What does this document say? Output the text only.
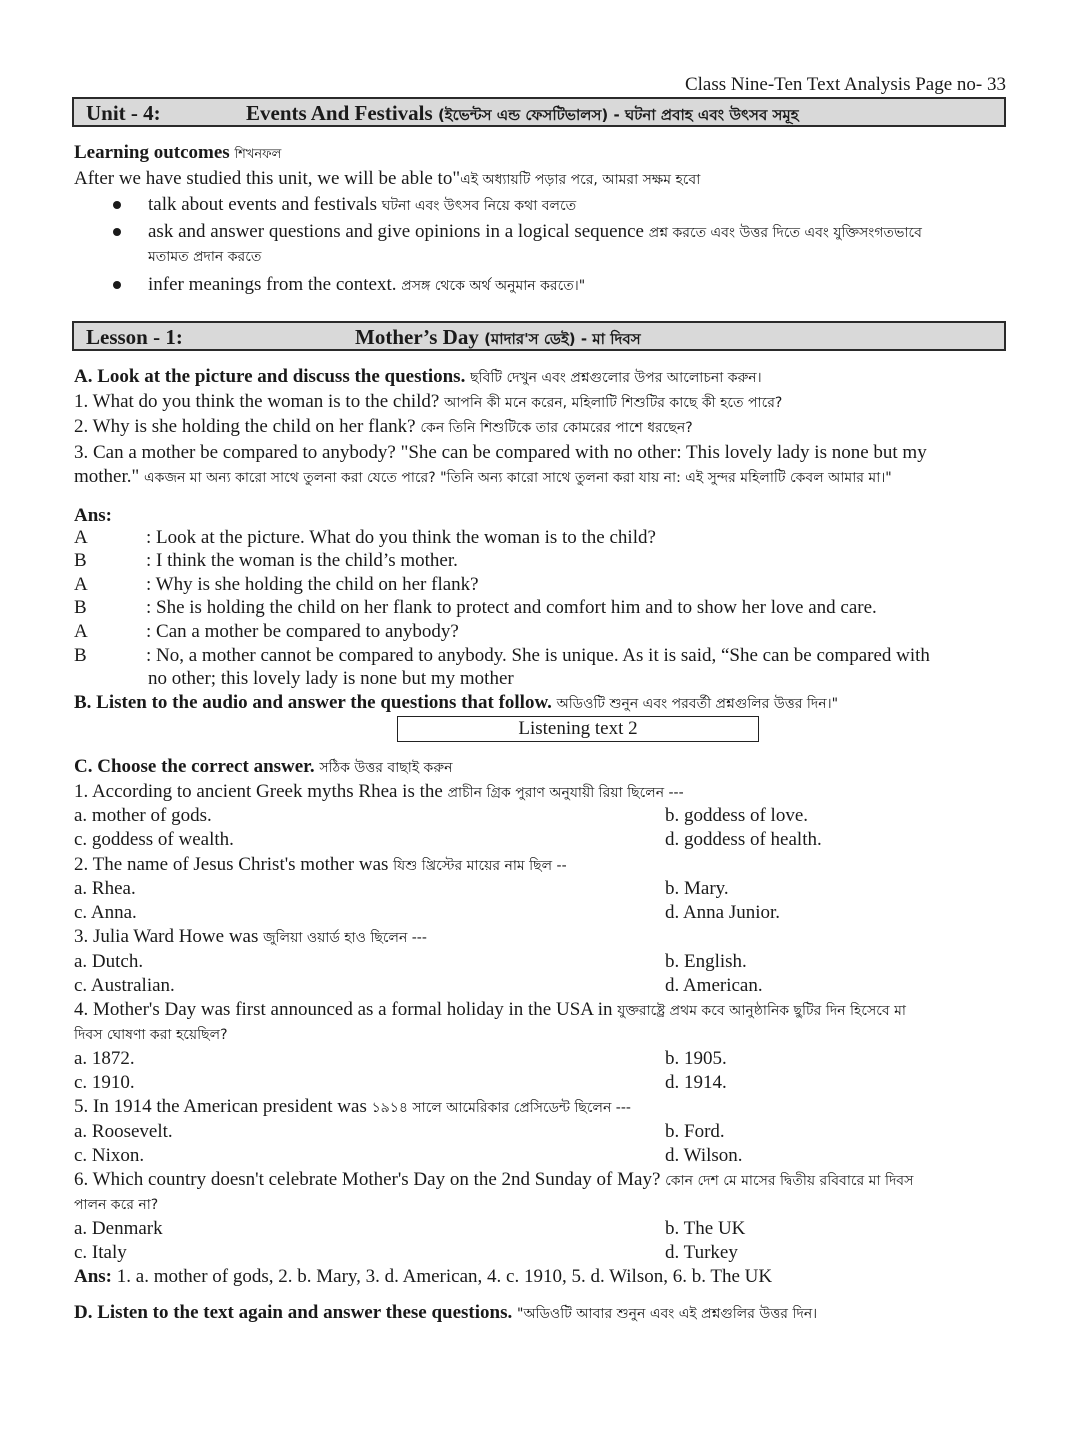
Class Nine-Ten Text Analysis Page no- 33
Unit - 4:	Events And Festivals (ইভেন্টস এন্ড ফেসটিভালস) - ঘটনা প্রবাহ এবং উৎসব সমূহ
Learning outcomes শিখনফল
After we have studied this unit, we will be able to"এই অধ্যায়টি পড়ার পরে, আমরা সক্ষম হবো
talk about events and festivals ঘটনা এবং উৎসব নিয়ে কথা বলতে
ask and answer questions and give opinions in a logical sequence প্রশ্ন করতে এবং উত্তর দিতে এবং যুক্তিসংগতভাবে
মতামত প্রদান করতে
infer meanings from the context. প্রসঙ্গ থেকে অর্থ অনুমান করতে।"
Lesson - 1:	Mother’s Day (মাদার'স ডেই) - মা দিবস
A. Look at the picture and discuss the questions. ছবিটি দেখুন এবং প্রশ্নগুলোর উপর আলোচনা করুন।
1. What do you think the woman is to the child? আপনি কী মনে করেন, মহিলাটি শিশুটির কাছে কী হতে পারে?
2. Why is she holding the child on her flank? কেন তিনি শিশুটিকে তার কোমরের পাশে ধরছেন?
3. Can a mother be compared to anybody? "She can be compared with no other: This lovely lady is none but my
mother." একজন মা অন্য কারো সাথে তুলনা করা যেতে পারে? "তিনি অন্য কারো সাথে তুলনা করা যায় না: এই সুন্দর মহিলাটি কেবল আমার মা।"
Ans:
A	: Look at the picture. What do you think the woman is to the child?
B	: I think the woman is the child’s mother.
A	: Why is she holding the child on her flank?
B	: She is holding the child on her flank to protect and comfort him and to show her love and care.
A	: Can a mother be compared to anybody?
B	: No, a mother cannot be compared to anybody. She is unique. As it is said, “She can be compared with
no other; this lovely lady is none but my mother
B. Listen to the audio and answer the questions that follow. অডিওটি শুনুন এবং পরবর্তী প্রশ্নগুলির উত্তর দিন।"
Listening text 2
C. Choose the correct answer. সঠিক উত্তর বাছাই করুন
1. According to ancient Greek myths Rhea is the প্রাচীন গ্রিক পুরাণ অনুযায়ী রিয়া ছিলেন ---
a. mother of gods.	b. goddess of love.
c. goddess of wealth.	d. goddess of health.
2. The name of Jesus Christ's mother was যিশু খ্রিস্টের মায়ের নাম ছিল --
a. Rhea.	b. Mary.
c. Anna.	d. Anna Junior.
3. Julia Ward Howe was জুলিয়া ওয়ার্ড হাও ছিলেন ---
a. Dutch.	b. English.
c. Australian.	d. American.
4. Mother's Day was first announced as a formal holiday in the USA in যুক্তরাষ্ট্রে প্রথম কবে আনুষ্ঠানিক ছুটির দিন হিসেবে মা
দিবস ঘোষণা করা হয়েছিল?
a. 1872.	b. 1905.
c. 1910.	d. 1914.
5. In 1914 the American president was ১৯১৪ সালে আমেরিকার প্রেসিডেন্ট ছিলেন ---
a. Roosevelt.	b. Ford.
c. Nixon.	d. Wilson.
6. Which country doesn't celebrate Mother's Day on the 2nd Sunday of May? কোন দেশ মে মাসের দ্বিতীয় রবিবারে মা দিবস
পালন করে না?
a. Denmark	b. The UK
c. Italy	d. Turkey
Ans: 1. a. mother of gods, 2. b. Mary, 3. d. American, 4. c. 1910, 5. d. Wilson, 6. b. The UK
D. Listen to the text again and answer these questions. "অডিওটি আবার শুনুন এবং এই প্রশ্নগুলির উত্তর দিন।
